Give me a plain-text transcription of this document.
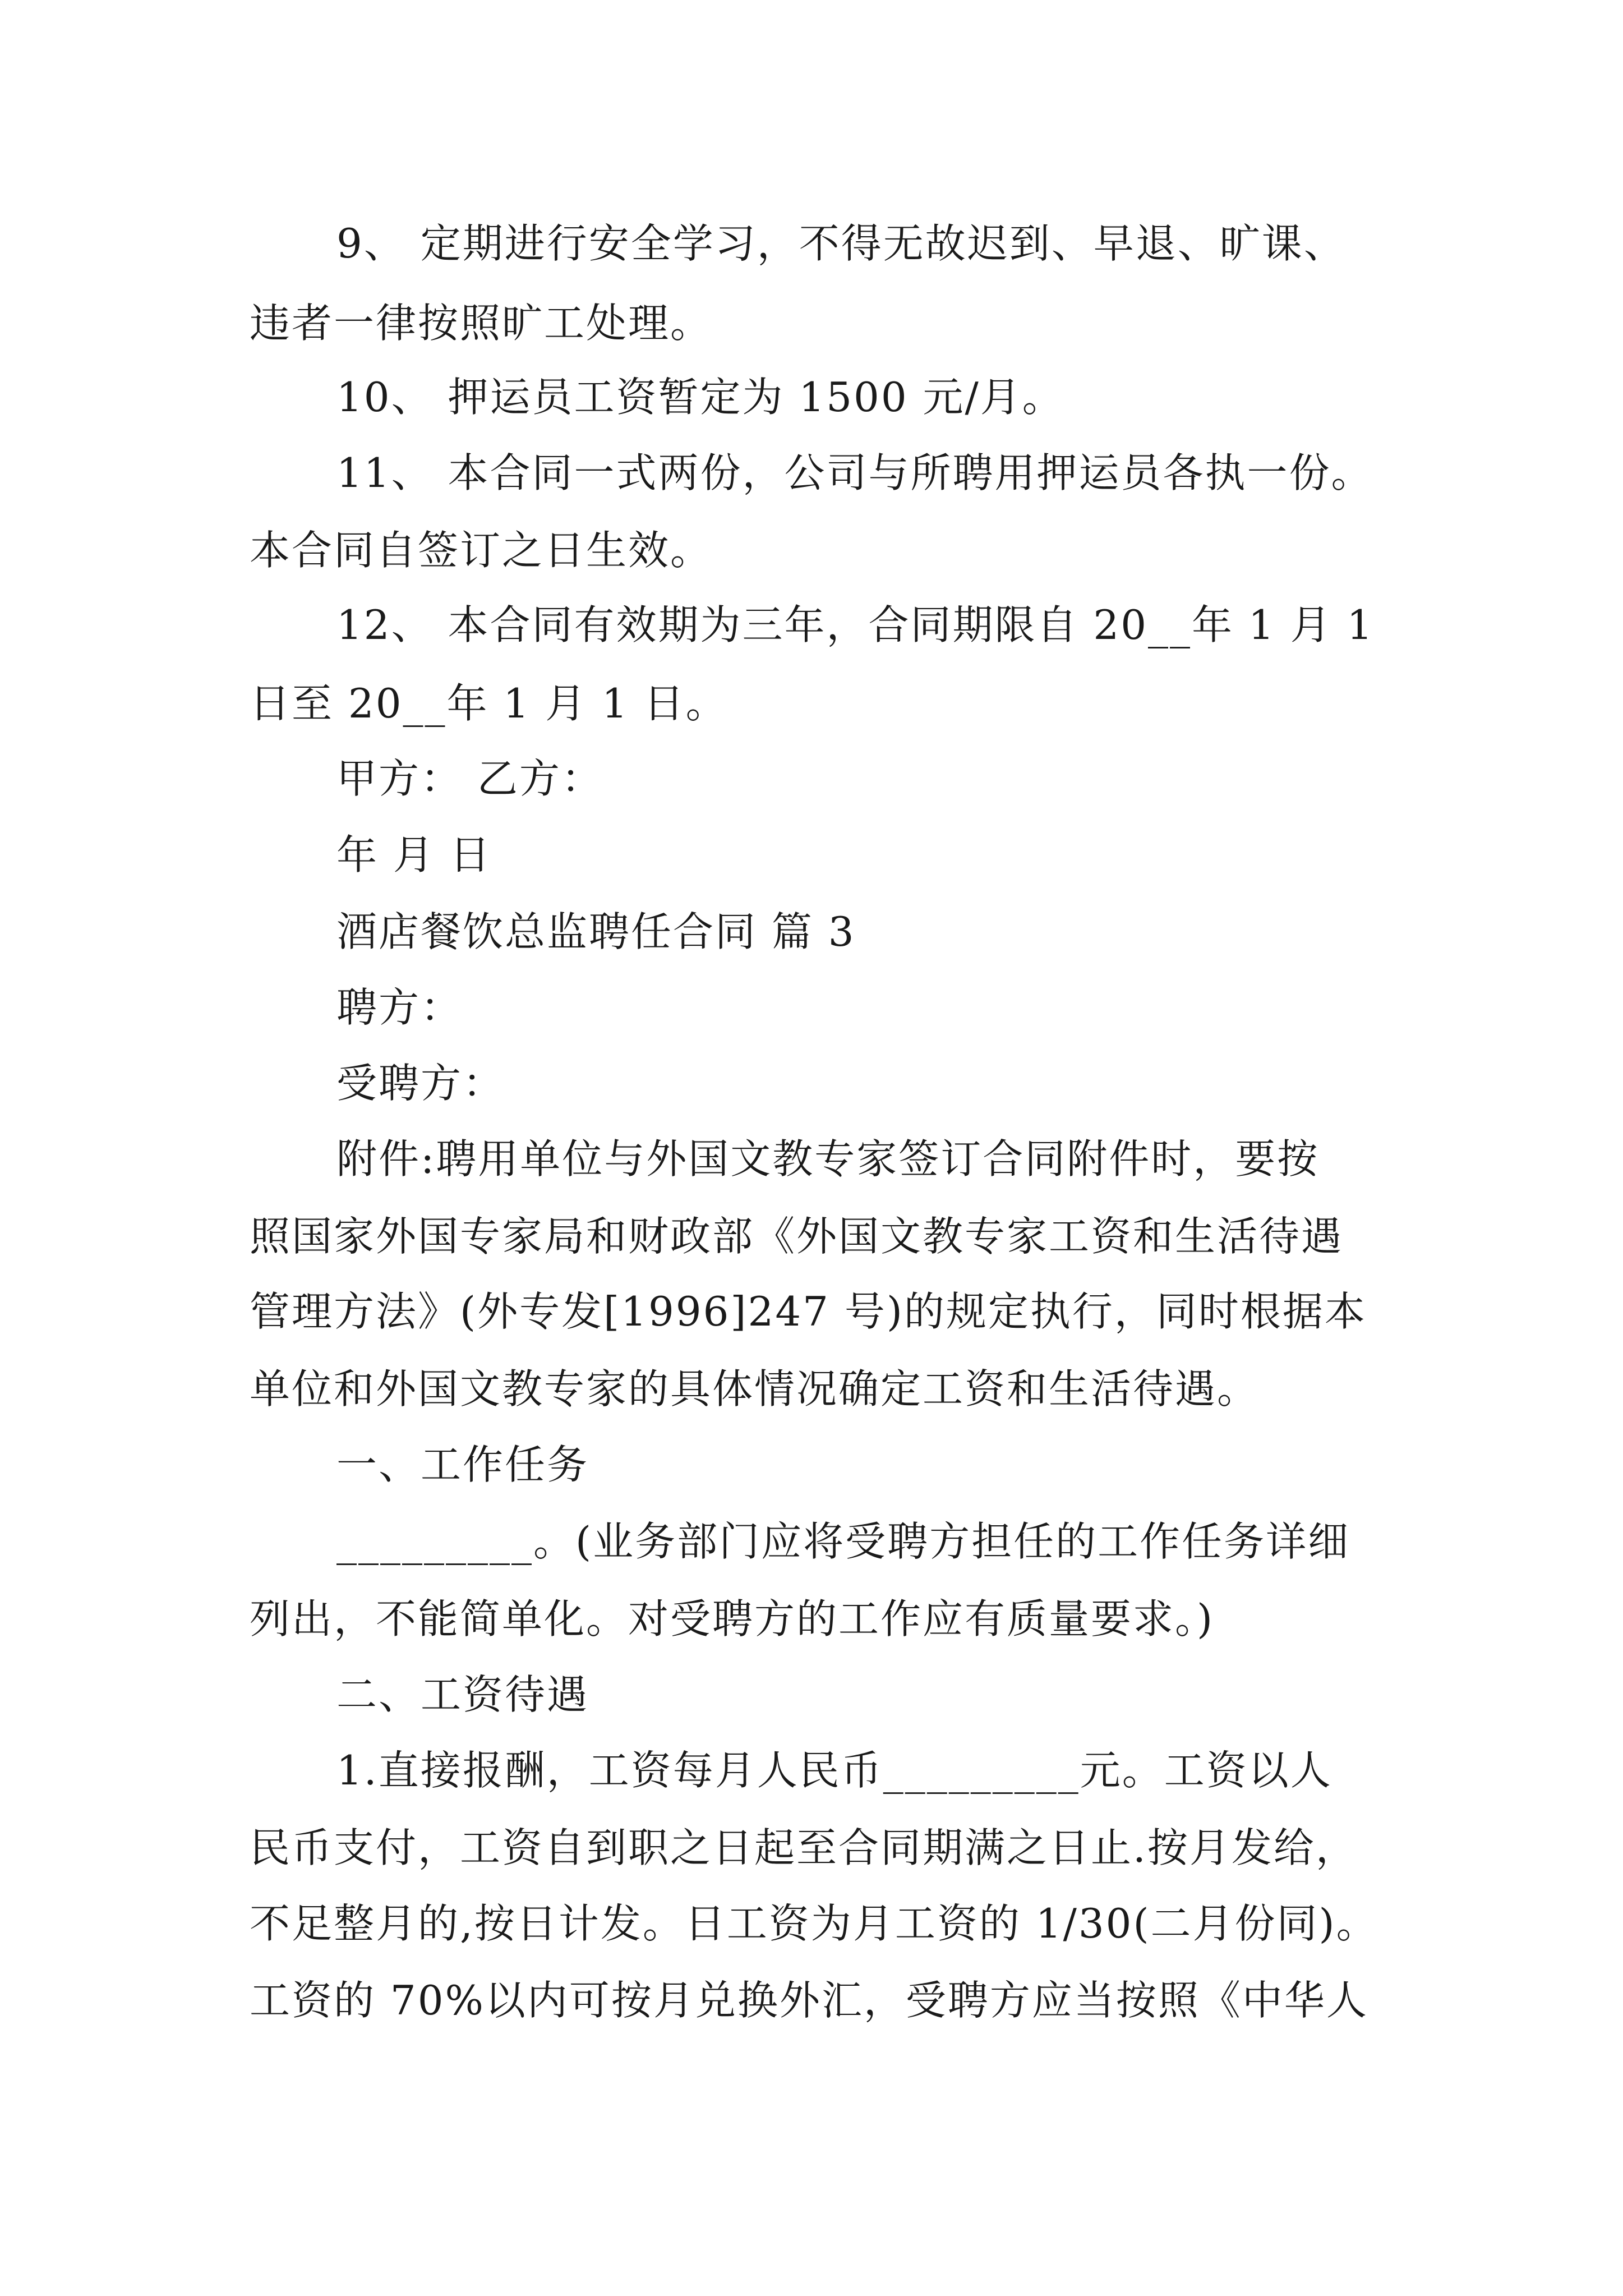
9、 定期进行安全学习，不得无故迟到、早退、旷课、
违者一律按照旷工处理。
10、 押运员工资暂定为 1500 元/月。
11、 本合同一式两份，公司与所聘用押运员各执一份。
本合同自签订之日生效。
12、 本合同有效期为三年，合同期限自 20__年 1 月 1
日至 20__年 1 月 1 日。
甲方： 乙方：
年 月 日
酒店餐饮总监聘任合同 篇 3
聘方：
受聘方：
附件:聘用单位与外国文教专家签订合同附件时，要按
照国家外国专家局和财政部《外国文教专家工资和生活待遇
管理方法》(外专发[1996]247 号)的规定执行，同时根据本
单位和外国文教专家的具体情况确定工资和生活待遇。
一、工作任务
_________。(业务部门应将受聘方担任的工作任务详细
列出，不能简单化。对受聘方的工作应有质量要求。)
二、工资待遇
1.直接报酬，工资每月人民币_________元。工资以人
民币支付，工资自到职之日起至合同期满之日止.按月发给，
不足整月的,按日计发。日工资为月工资的 1/30(二月份同)。
工资的 70%以内可按月兑换外汇，受聘方应当按照《中华人
